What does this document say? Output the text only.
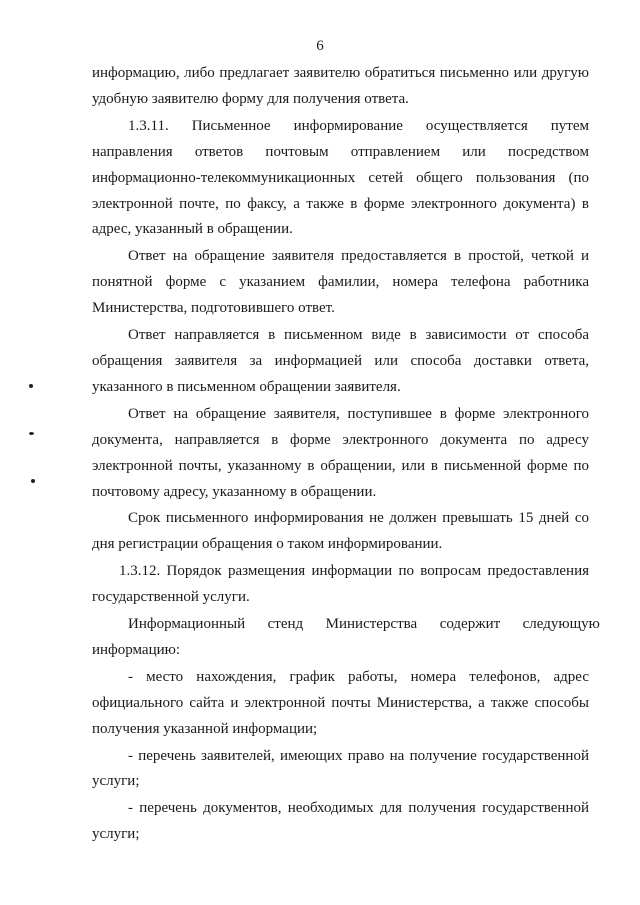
6

информацию, либо предлагает заявителю обратиться письменно или другую удобную заявителю форму для получения ответа.

1.3.11.     Письменное     информирование     осуществляется     путем направления ответов почтовым отправлением или посредством информационно-телекоммуникационных сетей общего пользования (по электронной почте, по факсу, а также в форме электронного документа) в адрес, указанный в обращении.

Ответ на обращение заявителя предоставляется в простой, четкой и понятной форме с указанием фамилии, номера телефона работника Министерства, подготовившего ответ.

Ответ направляется в письменном виде в зависимости от способа обращения заявителя за информацией или способа доставки ответа, указанного в письменном обращении заявителя.

Ответ на обращение заявителя, поступившее в форме электронного документа, направляется в форме электронного документа по адресу электронной почты, указанному в обращении, или в письменной форме по почтовому адресу, указанному в обращении.

Срок письменного информирования не должен превышать 15 дней со дня регистрации обращения о таком информировании.

1.3.12. Порядок размещения информации по вопросам предоставления государственной услуги.

Информационный      стенд      Министерства      содержит      следующую информацию:

- место нахождения, график работы, номера телефонов, адрес официального сайта и электронной почты Министерства, а также способы получения указанной информации;

- перечень заявителей, имеющих право на получение государственной услуги;

- перечень документов, необходимых для получения государственной услуги;
